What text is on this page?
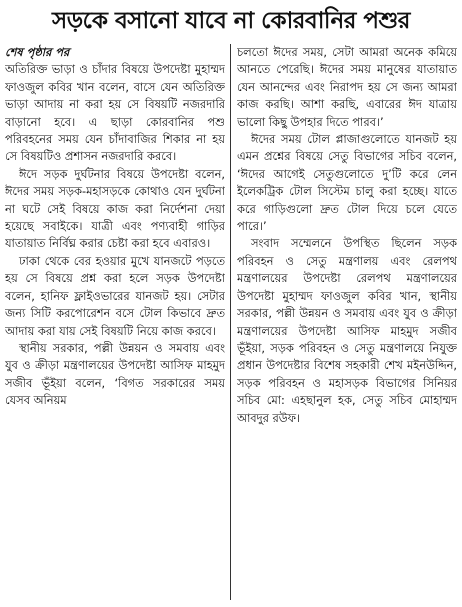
সড়কে বসানো যাবে না কোরবানির পশুর

শেষ পৃষ্ঠার পর

অতিরিক্ত ভাড়া ও চাঁদার বিষয়ে উপদেষ্টা মুহাম্মদ ফাওজুল কবির খান বলেন, বাসে যেন অতিরিক্ত ভাড়া আদায় না করা হয় সে বিষয়টি নজরদারি বাড়ানো হবে। এ ছাড়া কোরবানির পশু পরিবহনের সময় যেন চাঁদাবাজির শিকার না হয় সে বিষয়টিও প্রশাসন নজরদারি করবে।

ঈদে সড়ক দুর্ঘটনার বিষয়ে উপদেষ্টা বলেন, ঈদের সময় সড়ক-মহাসড়কে কোথাও যেন দুর্ঘটনা না ঘটে সেই বিষয়ে কাজ করা নির্দেশনা দেয়া হয়েছে সবাইকে। যাত্রী এবং পণ্যবাহী গাড়ির যাতায়াত নির্বিঘ্ন করার চেষ্টা করা হবে এবারও।

ঢাকা থেকে বের হওয়ার মুখে যানজটে পড়তে হয় সে বিষয়ে প্রশ্ন করা হলে সড়ক উপদেষ্টা বলেন, হানিফ ফ্লাইওভারের যানজট হয়। সেটার জন্য সিটি করপোরেশন বসে টোল কিভাবে দ্রুত আদায় করা যায় সেই বিষয়টি নিয়ে কাজ করবে।

স্থানীয় সরকার, পল্লী উন্নয়ন ও সমবায় এবং যুব ও ক্রীড়া মন্ত্রণালয়ের উপদেষ্টা আসিফ মাহমুদ সজীব ভূঁইয়া বলেন, ‘বিগত সরকারের সময় যেসব অনিয়ম

চলতো ঈদের সময়, সেটা আমরা অনেক কমিয়ে আনতে পেরেছি। ঈদের সময় মানুষের যাতায়াত যেন আনন্দের এবং নিরাপদ হয় সে জন্য আমরা কাজ করছি। আশা করছি, এবারের ঈদ যাত্রায় ভালো কিছু উপহার দিতে পারব।’

ঈদের সময় টোল প্লাজাগুলোতে যানজট হয় এমন প্রশ্নের বিষয়ে সেতু বিভাগের সচিব বলেন, ‘ঈদের আগেই সেতুগুলোতে দু’টি করে লেন ইলেকট্রিক টোল সিস্টেম চালু করা হচ্ছে। যাতে করে গাড়িগুলো দ্রুত টোল দিয়ে চলে যেতে পারে।’

সংবাদ সম্মেলনে উপস্থিত ছিলেন সড়ক পরিবহন ও সেতু মন্ত্রণালয় এবং রেলপথ মন্ত্রণালয়ের উপদেষ্টা রেলপথ মন্ত্রণালয়ের উপদেষ্টা মুহাম্মদ ফাওজুল কবির খান, স্থানীয় সরকার, পল্লী উন্নয়ন ও সমবায় এবং যুব ও ক্রীড়া মন্ত্রণালয়ের উপদেষ্টা আসিফ মাহমুদ সজীব ভূঁইয়া, সড়ক পরিবহন ও সেতু মন্ত্রণালয়ে নিযুক্ত প্রধান উপদেষ্টার বিশেষ সহকারী শেখ মইনউদ্দিন, সড়ক পরিবহন ও মহাসড়ক বিভাগের সিনিয়র সচিব মো: এহছানুল হক, সেতু সচিব মোহাম্মদ আবদুর রউফ।
